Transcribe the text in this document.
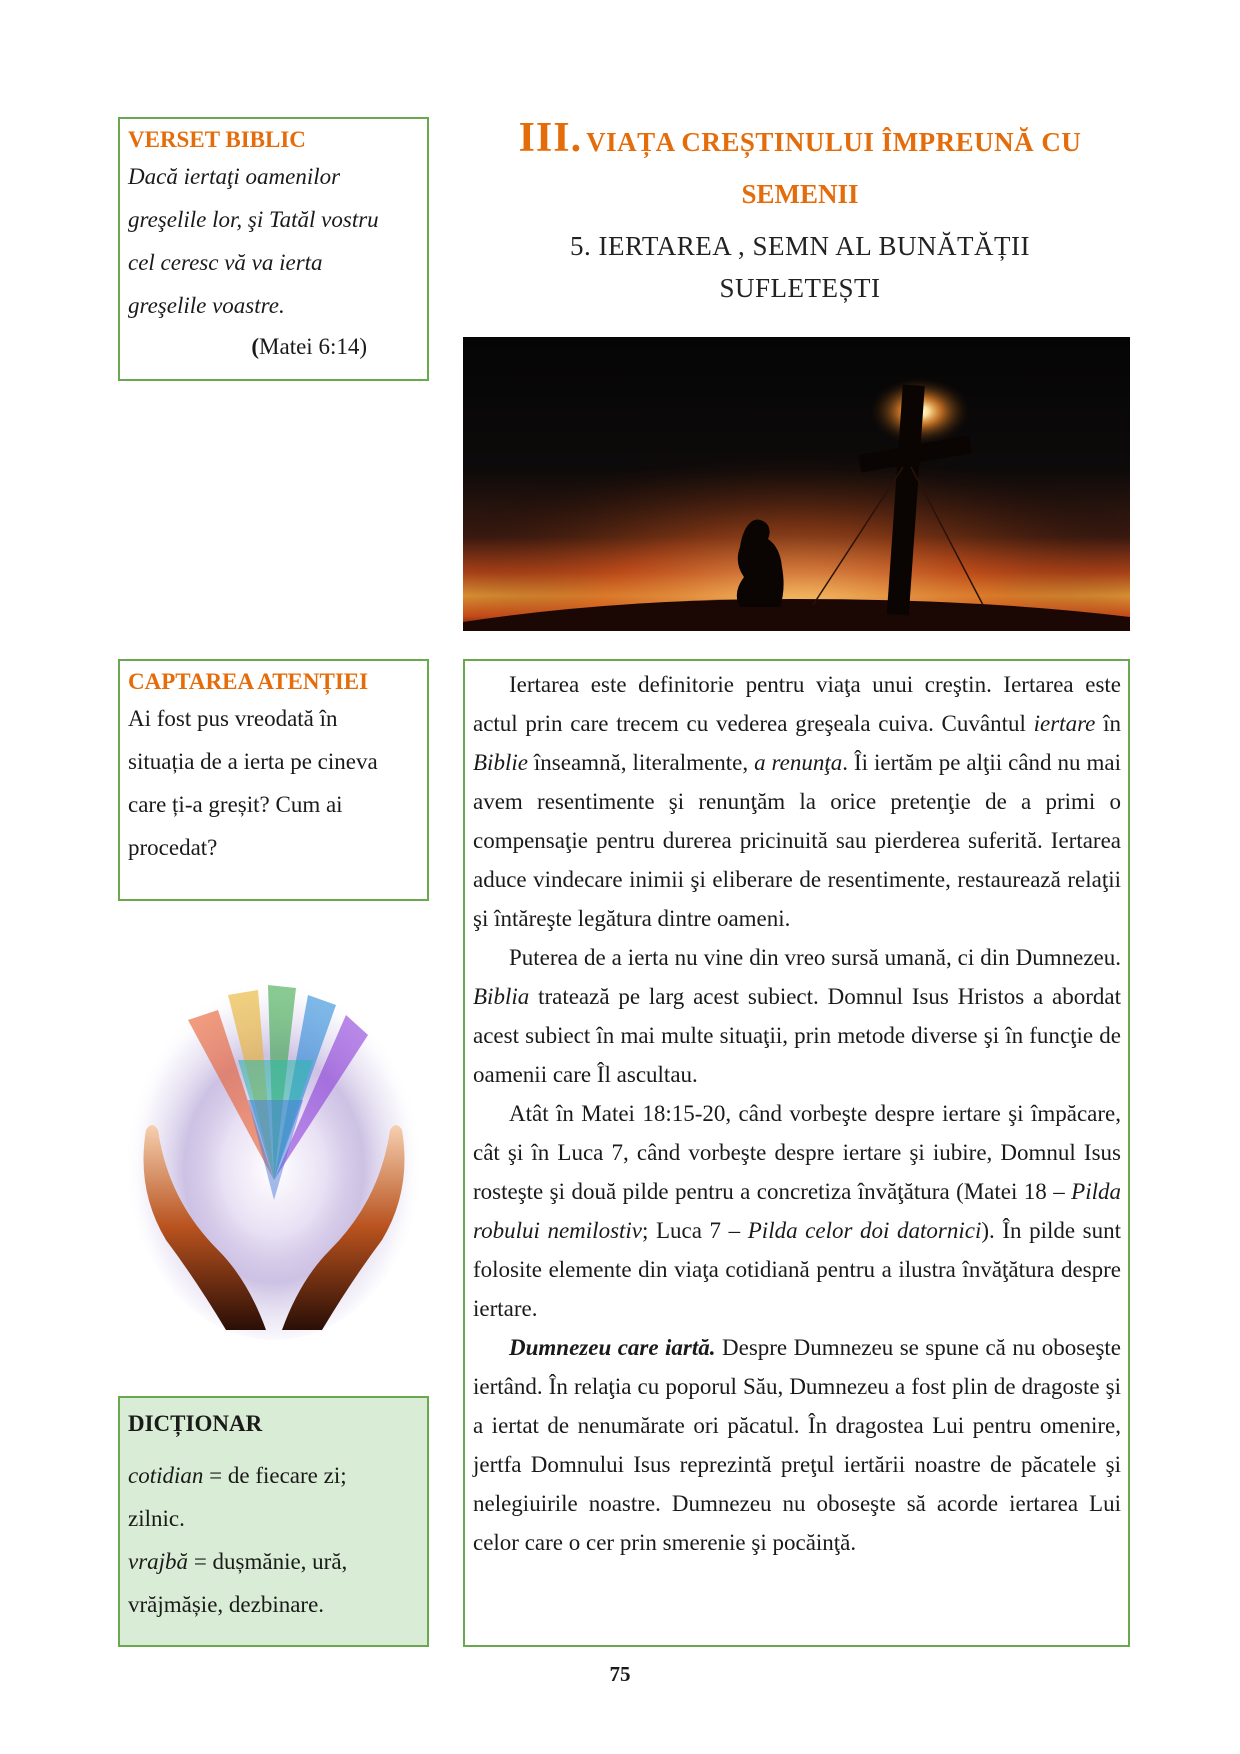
VERSET BIBLIC
Dacă iertaţi oamenilor
greşelile lor, şi Tatăl vostru
cel ceresc vă va ierta
greşelile voastre.
(Matei 6:14)
III. VIAȚA CREȘTINULUI ÎMPREUNĂ CU
SEMENII
5. IERTAREA , SEMN AL BUNĂTĂȚII
SUFLETEȘTI
CAPTAREA ATENȚIEI
Ai fost pus vreodată în
situația de a ierta pe cineva
care ți-a greșit? Cum ai
procedat?
DICȚIONAR
cotidian = de fiecare zi;
zilnic.
vrajbă = dușmănie, ură,
vrăjmășie, dezbinare.

Iertarea este definitorie pentru viaţa unui creştin. Iertarea este actul prin care trecem cu vederea greşeala cuiva. Cuvântul iertare în Biblie înseamnă, literalmente, a renunţa. Îi iertăm pe alţii când nu mai avem resentimente şi renunţăm la orice pretenţie de a primi o compensaţie pentru durerea pricinuită sau pierderea suferită. Iertarea aduce vindecare inimii şi eliberare de resentimente, restaurează relaţii şi întăreşte legătura dintre oameni.

Puterea de a ierta nu vine din vreo sursă umană, ci din Dumnezeu. Biblia tratează pe larg acest subiect. Domnul Isus Hristos a abordat acest subiect în mai multe situaţii, prin metode diverse şi în funcţie de oamenii care Îl ascultau.

Atât în Matei 18:15-20, când vorbeşte despre iertare şi împăcare, cât şi în Luca 7, când vorbeşte despre iertare şi iubire, Domnul Isus rosteşte şi două pilde pentru a concretiza învăţătura (Matei 18 – Pilda robului nemilostiv; Luca 7 – Pilda celor doi datornici). În pilde sunt folosite elemente din viaţa cotidiană pentru a ilustra învăţătura despre iertare.

Dumnezeu care iartă. Despre Dumnezeu se spune că nu oboseşte iertând. În relaţia cu poporul Său, Dumnezeu a fost plin de dragoste şi a iertat de nenumărate ori păcatul. În dragostea Lui pentru omenire, jertfa Domnului Isus reprezintă preţul iertării noastre de păcatele şi nelegiuirile noastre. Dumnezeu nu oboseşte să acorde iertarea Lui celor care o cer prin smerenie şi pocăinţă.

75
